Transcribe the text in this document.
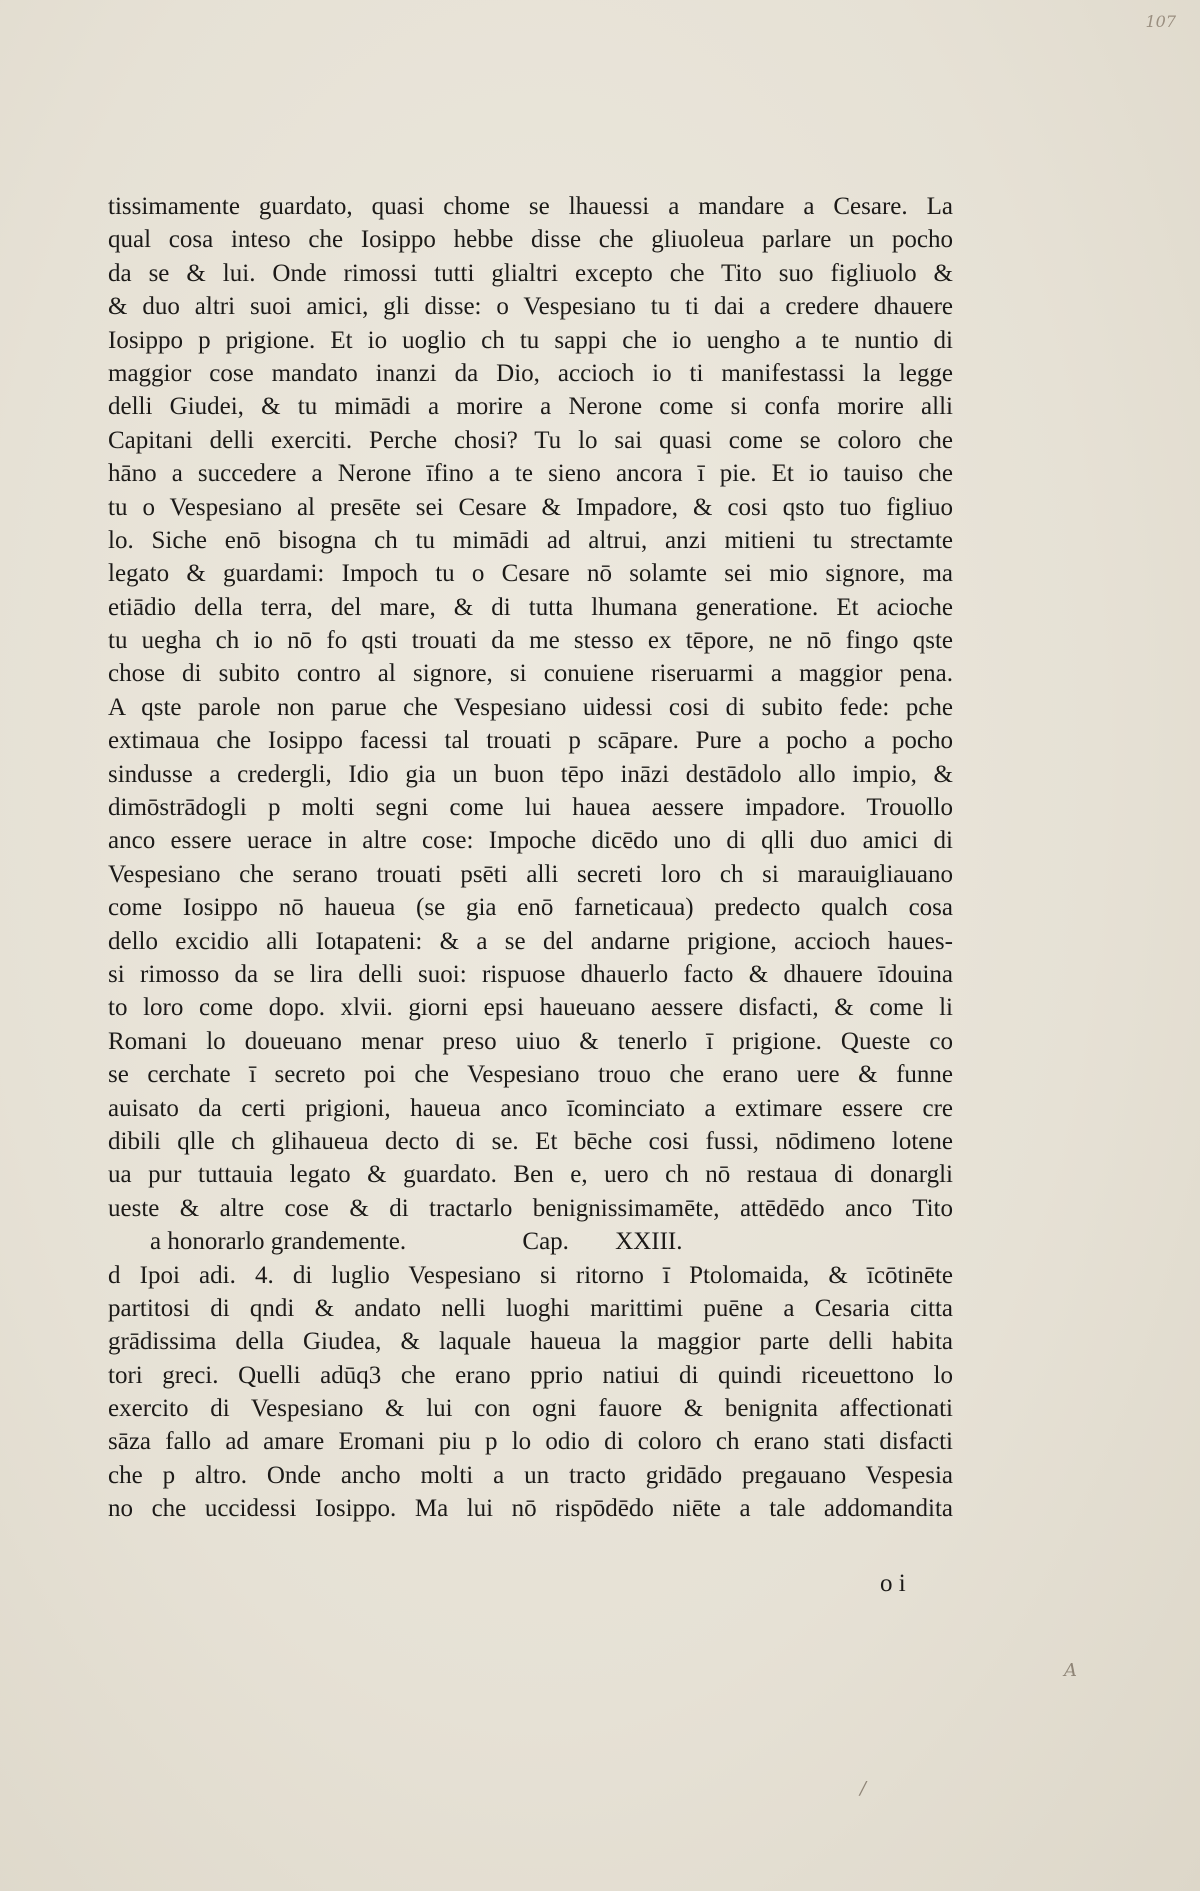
107
tissimamente guardato, quasi chome se lhauessi a mandare a Cesare. La
qual cosa inteso che Iosippo hebbe disse che gliuoleua parlare un pocho
da se & lui. Onde rimossi tutti glialtri excepto che Tito suo figliuolo &
& duo altri suoi amici, gli disse: o Vespesiano tu ti dai a credere dhauere
Iosippo p prigione. Et io uoglio ch tu sappi che io uengho a te nuntio di
maggior cose mandato inanzi da Dio, accioch io ti manifestassi la legge
delli Giudei, & tu mimādi a morire a Nerone come si confa morire alli
Capitani delli exerciti. Perche chosi? Tu lo sai quasi come se coloro che
hāno a succedere a Nerone īfino a te sieno ancora ī pie. Et io tauiso che
tu o Vespesiano al presēte sei Cesare & Impadore, & cosi qsto tuo figliuo
lo. Siche enō bisogna ch tu mimādi ad altrui, anzi mitieni tu strectamte
legato & guardami: Impoch tu o Cesare nō solamte sei mio signore, ma
etiādio della terra, del mare, & di tutta lhumana generatione. Et acioche
tu uegha ch io nō fo qsti trouati da me stesso ex tēpore, ne nō fingo qste
chose di subito contro al signore, si conuiene riseruarmi a maggior pena.
A qste parole non parue che Vespesiano uidessi cosi di subito fede: pche
extimaua che Iosippo facessi tal trouati p scāpare. Pure a pocho a pocho
sindusse a credergli, Idio gia un buon tēpo ināzi destādolo allo impio, &
dimōstrādogli p molti segni come lui hauea aessere impadore. Trouollo
anco essere uerace in altre cose: Impoche dicēdo uno di qlli duo amici di
Vespesiano che serano trouati psēti alli secreti loro ch si marauigliauano
come Iosippo nō haueua (se gia enō farneticaua) predecto qualch cosa
dello excidio alli Iotapateni: & a se del andarne prigione, accioch haues-
si rimosso da se lira delli suoi: rispuose dhauerlo facto & dhauere īdouina
to loro come dopo. xlvii. giorni epsi haueuano aessere disfacti, & come li
Romani lo doueuano menar preso uiuo & tenerlo ī prigione. Queste co
se cerchate ī secreto poi che Vespesiano trouo che erano uere & funne
auisato da certi prigioni, haueua anco īcominciato a extimare essere cre
dibili qlle ch glihaueua decto di se. Et bēche cosi fussi, nōdimeno lotene
ua pur tuttauia legato & guardato. Ben e, uero ch nō restaua di donargli
ueste & altre cose & di tractarlo benignissimamēte, attēdēdo anco Tito
a honorarlo grandemente.	Cap. XXIII.
d Ipoi adi. 4. di luglio Vespesiano si ritorno ī Ptolomaida, & īcōtinēte
partitosi di qndi & andato nelli luoghi marittimi puēne a Cesaria citta
grādissima della Giudea, & laquale haueua la maggior parte delli habita
tori greci. Quelli adūq3 che erano pprio natiui di quindi riceuettono lo
exercito di Vespesiano & lui con ogni fauore & benignita affectionati
sāza fallo ad amare Eromani piu p lo odio di coloro ch erano stati disfacti
che p altro. Onde ancho molti a un tracto gridādo pregauano Vespesia
no che uccidessi Iosippo. Ma lui nō rispōdēdo niēte a tale addomandita
o i
A
/
